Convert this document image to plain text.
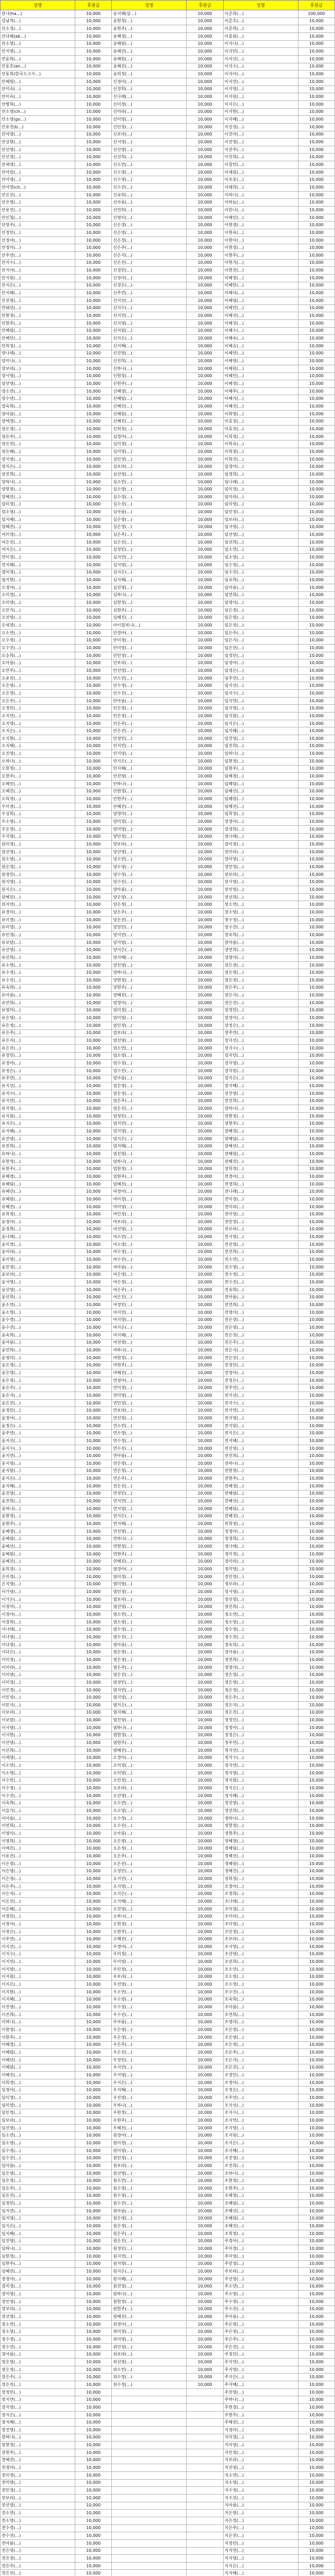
성명	후원금	성명	후원금	성명	후원금
한나(ha…)	10,000	송지혜(삼…)	10,000	이준희(…)	100,000
강남적(…)	10,000	송현정(…)	10,000	이준호(…)	10,000
안소정(…)	10,000	송현주(…)	10,000	이준희(…)	10,000
안다혜(ab…)	10,000	송혜경(…)	10,000	이중원(…)	10,000
안소영(…)	10,000	송혜림(…)	10,000	이지나(…)	10,000
안지영(…)	10,000	송혜선(…)	10,000	이지민(…)	10,000
안윤희(…)	10,000	송혜원(…)	10,000	이지선(…)	10,000
안동호(an…)	10,000	송혜진(…)	10,000	이지수(…)	10,000
안동희(한국소고사…)	10,000	송희정(…)	10,000	이지아(…)	10,000
안혜원(…)	10,000	신경아(…)	10,000	이지연(…)	10,000
안미숙(…)	10,000	신경희(…)	10,000	이지영(…)	10,000
안미숙(…)	10,000	신나래(…)	10,000	이지원(…)	10,000
안병희(…)	10,000	신미경(…)	10,000	이지은(…)	10,000
안소영(ch…)	10,000	신미라(…)	10,000	이지현(…)	10,000
안소영(go…)	10,000	신미영(…)	10,000	이지혜(…)	10,000
안유진(b…)	10,000	신민정(…)	10,000	이진경(…)	10,000
안아영(…)	10,000	신보라(…)	10,000	이진아(…)	10,000
안상현(…)	10,000	신서영(…)	10,000	이진영(…)	10,000
안선영(…)	10,000	신선영(…)	10,000	이진주(…)	10,000
안선정(…)	10,000	신선희(…)	10,000	이진희(…)	10,000
안세영(…)	10,000	신소연(…)	10,000	이창민(…)	10,000
안아랑(…)	10,000	신소영(…)	10,000	이채원(…)	10,000
안아영(…)	10,000	신수정(…)	10,000	이초롱(…)	10,000
안아영(ch…)	10,000	신수진(…)	10,000	이태희(…)	10,000
안은진(…)	10,000	신숙희(…)	10,000	이하나(…)	10,000
안은영(…)	10,000	신아름(…)	10,000	이하늘(…)	10,000
안유진(…)	10,000	신연희(…)	10,000	이한나(…)	10,000
안인철(…)	10,000	신영미(…)	10,000	이해인(…)	10,000
안장주(…)	10,000	신은경(…)	10,000	이현경(…)	10,000
안정민(…)	10,000	신은영(…)	10,000	이현숙(…)	10,000
안정아(…)	10,000	신은정(…)	10,000	이현아(…)	10,000
안정미(…)	10,000	신은주(…)	10,000	이현정(…)	10,000
안주연(…)	10,000	신은지(…)	10,000	이현주(…)	10,000
안지수(…)	10,000	신은진(…)	10,000	이현지(…)	10,000
안지아(…)	10,000	신정민(…)	10,000	이현진(…)	10,000
안지원(…)	10,000	신정아(…)	10,000	이혜경(…)	10,000
안지은(…)	10,000	신정은(…)	10,000	이혜란(…)	10,000
안지혜(…)	10,000	신주연(…)	10,000	이혜리(…)	10,000
안진영(…)	10,000	신지선(…)	10,000	이혜림(…)	10,000
안태선(…)	10,000	신지수(…)	10,000	이혜민(…)	10,000
안현정(…)	10,000	신지연(…)	10,000	이혜선(…)	10,000
안현주(…)	10,000	신지영(…)	10,000	이혜성(…)	10,000
안혜림(…)	10,000	신지원(…)	10,000	이혜수(…)	10,000
안혜인(…)	10,000	신지은(…)	10,000	이혜숙(…)	10,000
안희정(…)	10,000	신지혜(…)	10,000	이혜승(…)	10,000
양나래(…)	10,000	신진영(…)	10,000	이혜연(…)	10,000
양미나(…)	10,000	신진희(…)	10,000	이혜영(…)	10,000
양보라(…)	10,000	신하나(…)	10,000	이혜원(…)	10,000
양서영(…)	10,000	신현정(…)	10,000	이혜인(…)	10,000
양선영(…)	10,000	신현주(…)	10,000	이혜정(…)	10,000
양소연(…)	10,000	신혜경(…)	10,000	이혜주(…)	10,000
양수연(…)	10,000	신혜림(…)	10,000	이혜지(…)	10,000
양숙희(…)	10,000	신혜선(…)	10,000	이혜진(…)	10,000
양아름(…)	10,000	신혜원(…)	10,000	이화영(…)	10,000
양애경(…)	10,000	신혜진(…)	10,000	이효정(…)	10,000
양은정(…)	10,000	신희정(…)	10,000	이효진(…)	10,000
양은주(…)	10,000	심경아(…)	10,000	이희경(…)	10,000
양은진(…)	10,000	심미경(…)	10,000	이희숙(…)	10,000
양은혜(…)	10,000	심미영(…)	10,000	이희정(…)	10,000
양지영(…)	10,000	심민정(…)	10,000	이희진(…)	10,000
양지은(…)	10,000	심보라(…)	10,000	임경아(…)	10,000
양진희(…)	10,000	심선영(…)	10,000	임경희(…)	10,000
양하나(…)	10,000	심소연(…)	10,000	임나래(…)	10,000
양현정(…)	10,000	심소영(…)	10,000	임미경(…)	10,000
양혜진(…)	10,000	심수정(…)	10,000	임미라(…)	10,000
엄미정(…)	10,000	심수진(…)	10,000	임미영(…)	10,000
엄소영(…)	10,000	심아름(…)	10,000	임민정(…)	10,000
엄지혜(…)	10,000	심은영(…)	10,000	임보라(…)	10,000
엄혜진(…)	10,000	심은정(…)	10,000	임서영(…)	10,000
여미경(…)	10,000	심은주(…)	10,000	임선영(…)	10,000
여은진(…)	10,000	심은진(…)	10,000	임선희(…)	10,000
여지은(…)	10,000	심정민(…)	10,000	임소연(…)	10,000
연미정(…)	10,000	심지연(…)	10,000	임소영(…)	10,000
연지혜(…)	10,000	심지영(…)	10,000	임수정(…)	10,000
염미경(…)	10,000	심지은(…)	10,000	임수진(…)	10,000
염지현(…)	10,000	심지혜(…)	10,000	임숙희(…)	10,000
오경아(…)	10,000	심진영(…)	10,000	임아름(…)	10,000
오미경(…)	10,000	심하나(…)	10,000	임연희(…)	10,000
오미영(…)	10,000	심현정(…)	10,000	임영미(…)	10,000
오민지(…)	10,000	심현주(…)	10,000	임은경(…)	10,000
오선영(…)	10,000	심혜진(…)	10,000	임은영(…)	10,000
오세정(…)	10,000	아이컴퍼니(…)	10,000	임은정(…)	10,000
오소연(…)	10,000	안경아(…)	10,000	임은주(…)	10,000
오수정(…)	10,000	안미경(…)	10,000	임은지(…)	10,000
오수진(…)	10,000	안미영(…)	10,000	임은진(…)	10,000
오승희(…)	10,000	안민정(…)	10,000	임정민(…)	10,000
오아름(…)	10,000	안보라(…)	10,000	임정아(…)	10,000
오연주(…)	10,000	안선영(…)	10,000	임정은(…)	10,000
오유진(…)	10,000	안소연(…)	10,000	임주연(…)	10,000
오은영(…)	10,000	안수정(…)	10,000	임지선(…)	10,000
오은정(…)	10,000	안수진(…)	10,000	임지수(…)	10,000
오은주(…)	10,000	안아름(…)	10,000	임지연(…)	10,000
오정민(…)	10,000	안은영(…)	10,000	임지영(…)	10,000
오지연(…)	10,000	안은정(…)	10,000	임지원(…)	10,000
오지영(…)	10,000	안은주(…)	10,000	임지은(…)	10,000
오지은(…)	10,000	안은진(…)	10,000	임지혜(…)	10,000
오지현(…)	10,000	안정민(…)	10,000	임진영(…)	10,000
오지혜(…)	10,000	안지연(…)	10,000	임진희(…)	10,000
오진영(…)	10,000	안지영(…)	10,000	임하나(…)	10,000
오하나(…)	10,000	안지은(…)	10,000	임현정(…)	10,000
오현정(…)	10,000	안지혜(…)	10,000	임현주(…)	10,000
오현주(…)	10,000	안진영(…)	10,000	임혜경(…)	10,000
오혜린(…)	10,000	안하나(…)	10,000	임혜림(…)	10,000
오혜진(…)	10,000	안현정(…)	10,000	임혜선(…)	10,000
오희정(…)	10,000	안현주(…)	10,000	임혜원(…)	10,000
우미경(…)	10,000	안혜진(…)	10,000	임혜진(…)	10,000
우성희(…)	10,000	양경아(…)	10,000	임희정(…)	10,000
우소영(…)	10,000	양미경(…)	10,000	장경아(…)	10,000
우은정(…)	10,000	양미영(…)	10,000	장경희(…)	10,000
우지영(…)	10,000	양민정(…)	10,000	장나래(…)	10,000
원미경(…)	10,000	양보라(…)	10,000	장미경(…)	10,000
원선영(…)	10,000	양선영(…)	10,000	장미라(…)	10,000
원소영(…)	10,000	양소연(…)	10,000	장미영(…)	10,000
원은정(…)	10,000	양소영(…)	10,000	장민정(…)	10,000
원정민(…)	10,000	양수정(…)	10,000	장보라(…)	10,000
원지영(…)	10,000	양수진(…)	10,000	장서영(…)	10,000
원지은(…)	10,000	양아름(…)	10,000	장선영(…)	10,000
원혜진(…)	10,000	양은영(…)	10,000	장선희(…)	10,000
위지연(…)	10,000	양은정(…)	10,000	장소연(…)	10,000
유경미(…)	10,000	양은주(…)	10,000	장소영(…)	10,000
유미경(…)	10,000	양은진(…)	10,000	장수정(…)	10,000
유미영(…)	10,000	양정민(…)	10,000	장수진(…)	10,000
유민정(…)	10,000	양지연(…)	10,000	장숙희(…)	10,000
유보람(…)	10,000	양지영(…)	10,000	장아름(…)	10,000
유선영(…)	10,000	양지은(…)	10,000	장연희(…)	10,000
유선희(…)	10,000	양지혜(…)	10,000	장영미(…)	10,000
유소영(…)	10,000	양진영(…)	10,000	장은경(…)	10,000
유수정(…)	10,000	양하나(…)	10,000	장은영(…)	10,000
유수진(…)	10,000	양현정(…)	10,000	장은정(…)	10,000
유숙희(…)	10,000	양현주(…)	10,000	장은주(…)	10,000
유아름(…)	10,000	양혜진(…)	10,000	장은지(…)	10,000
유연희(…)	10,000	엄경아(…)	10,000	장은진(…)	10,000
유영미(…)	10,000	엄미경(…)	10,000	장정민(…)	10,000
유은영(…)	10,000	엄미영(…)	10,000	장정아(…)	10,000
유은정(…)	10,000	엄민정(…)	10,000	장정은(…)	10,000
유은주(…)	10,000	엄보라(…)	10,000	장주연(…)	10,000
유은지(…)	10,000	엄선영(…)	10,000	장지선(…)	10,000
유은진(…)	10,000	엄소연(…)	10,000	장지수(…)	10,000
유정민(…)	10,000	엄소영(…)	10,000	장지연(…)	10,000
유정아(…)	10,000	엄수정(…)	10,000	장지영(…)	10,000
유정은(…)	10,000	엄수진(…)	10,000	장지원(…)	10,000
유주연(…)	10,000	엄아름(…)	10,000	장지은(…)	10,000
유지선(…)	10,000	엄은영(…)	10,000	장지혜(…)	10,000
유지수(…)	10,000	엄은정(…)	10,000	장진영(…)	10,000
유지연(…)	10,000	엄은주(…)	10,000	장진희(…)	10,000
유지영(…)	10,000	엄은진(…)	10,000	장하나(…)	10,000
유지원(…)	10,000	엄정민(…)	10,000	장현정(…)	10,000
유지은(…)	10,000	엄지연(…)	10,000	장현주(…)	10,000
유지혜(…)	10,000	엄지영(…)	10,000	장혜경(…)	10,000
유진영(…)	10,000	엄지은(…)	10,000	장혜림(…)	10,000
유진희(…)	10,000	엄지혜(…)	10,000	장혜선(…)	10,000
유하나(…)	10,000	엄진영(…)	10,000	장혜원(…)	10,000
유현정(…)	10,000	엄하나(…)	10,000	장혜진(…)	10,000
유현주(…)	10,000	엄현정(…)	10,000	장희정(…)	10,000
유혜경(…)	10,000	엄현주(…)	10,000	전경아(…)	10,000
유혜림(…)	10,000	엄혜진(…)	10,000	전경희(…)	10,000
유혜선(…)	10,000	여경아(…)	10,000	전나래(…)	10,000
유혜원(…)	10,000	여미경(…)	10,000	전미경(…)	10,000
유혜진(…)	10,000	여미영(…)	10,000	전미라(…)	10,000
유희정(…)	10,000	여민정(…)	10,000	전미영(…)	10,000
윤경아(…)	10,000	여보라(…)	10,000	전민정(…)	10,000
윤경희(…)	10,000	여선영(…)	10,000	전보라(…)	10,000
윤나래(…)	10,000	여소연(…)	10,000	전서영(…)	10,000
윤미경(…)	10,000	여소영(…)	10,000	전선영(…)	10,000
윤미라(…)	10,000	여수정(…)	10,000	전선희(…)	10,000
윤미영(…)	10,000	여수진(…)	10,000	전소연(…)	10,000
윤민정(…)	10,000	여아름(…)	10,000	전소영(…)	10,000
윤보라(…)	10,000	여은영(…)	10,000	전수정(…)	10,000
윤서영(…)	10,000	여은정(…)	10,000	전수진(…)	10,000
윤선영(…)	10,000	여은주(…)	10,000	전숙희(…)	10,000
윤선희(…)	10,000	여은진(…)	10,000	전아름(…)	10,000
윤소연(…)	10,000	여정민(…)	10,000	전연희(…)	10,000
윤소영(…)	10,000	여지연(…)	10,000	전영미(…)	10,000
윤수정(…)	10,000	여지영(…)	10,000	전은경(…)	10,000
윤수진(…)	10,000	여지은(…)	10,000	전은영(…)	10,000
윤숙희(…)	10,000	여지혜(…)	10,000	전은정(…)	10,000
윤아름(…)	10,000	여진영(…)	10,000	전은주(…)	10,000
윤연희(…)	10,000	여하나(…)	10,000	전은지(…)	10,000
윤영미(…)	10,000	여현정(…)	10,000	전은진(…)	10,000
윤은경(…)	10,000	여현주(…)	10,000	전정민(…)	10,000
윤은영(…)	10,000	여혜진(…)	10,000	전정아(…)	10,000
윤은정(…)	10,000	연경아(…)	10,000	전정은(…)	10,000
윤은주(…)	10,000	연미경(…)	10,000	전주연(…)	10,000
윤은지(…)	10,000	연미영(…)	10,000	전지선(…)	10,000
윤은진(…)	10,000	연민정(…)	10,000	전지수(…)	10,000
윤정민(…)	10,000	연보라(…)	10,000	전지연(…)	10,000
윤정아(…)	10,000	연선영(…)	10,000	전지영(…)	10,000
윤정은(…)	10,000	연소연(…)	10,000	전지원(…)	10,000
윤주연(…)	10,000	연소영(…)	10,000	전지은(…)	10,000
윤지선(…)	10,000	연수정(…)	10,000	전지혜(…)	10,000
윤지수(…)	10,000	연수진(…)	10,000	전진영(…)	10,000
윤지연(…)	10,000	연아름(…)	10,000	전진희(…)	10,000
윤지영(…)	10,000	연은영(…)	10,000	전하나(…)	10,000
윤지원(…)	10,000	연은정(…)	10,000	전현정(…)	10,000
윤지은(…)	10,000	연은주(…)	10,000	전현주(…)	10,000
윤지혜(…)	10,000	연은진(…)	10,000	전혜경(…)	10,000
윤진영(…)	10,000	연정민(…)	10,000	전혜림(…)	10,000
윤진희(…)	10,000	연지연(…)	10,000	전혜선(…)	10,000
윤하나(…)	10,000	연지영(…)	10,000	전혜원(…)	10,000
윤현정(…)	10,000	연지은(…)	10,000	전혜진(…)	10,000
윤현주(…)	10,000	연지혜(…)	10,000	전희정(…)	10,000
윤혜경(…)	10,000	연진영(…)	10,000	정경아(…)	10,000
윤혜림(…)	10,000	연하나(…)	10,000	정경희(…)	10,000
윤혜선(…)	10,000	연현정(…)	10,000	정나래(…)	10,000
윤혜원(…)	10,000	연현주(…)	10,000	정미경(…)	10,000
윤혜진(…)	10,000	연혜진(…)	10,000	정미라(…)	10,000
윤희정(…)	10,000	염경아(…)	10,000	정미영(…)	10,000
은미경(…)	10,000	염미경(…)	10,000	정민정(…)	10,000
은지영(…)	10,000	염미영(…)	10,000	정보라(…)	10,000
이가영(…)	10,000	염민정(…)	10,000	정서영(…)	10,000
이가은(…)	10,000	염보라(…)	10,000	정선영(…)	10,000
이경미(…)	10,000	염선영(…)	10,000	정선희(…)	10,000
이경아(…)	10,000	염소연(…)	10,000	정소연(…)	10,000
이경희(…)	10,000	염소영(…)	10,000	정소영(…)	10,000
이나래(…)	10,000	염수정(…)	10,000	정수정(…)	10,000
이나영(…)	10,000	염수진(…)	10,000	정수진(…)	10,000
이다영(…)	10,000	염아름(…)	10,000	정숙희(…)	10,000
이다은(…)	10,000	염은영(…)	10,000	정아름(…)	10,000
이미경(…)	10,000	염은정(…)	10,000	정연희(…)	10,000
이미라(…)	10,000	염은주(…)	10,000	정영미(…)	10,000
이미영(…)	10,000	염은진(…)	10,000	정은경(…)	10,000
이미정(…)	10,000	염정민(…)	10,000	정은영(…)	10,000
이민경(…)	10,000	염지연(…)	10,000	정은정(…)	10,000
이민정(…)	10,000	염지영(…)	10,000	정은주(…)	10,000
이민지(…)	10,000	염지은(…)	10,000	정은지(…)	10,000
이보라(…)	10,000	염지혜(…)	10,000	정은진(…)	10,000
이보람(…)	10,000	염진영(…)	10,000	정정민(…)	10,000
이서영(…)	10,000	염하나(…)	10,000	정정아(…)	10,000
이서현(…)	10,000	염현정(…)	10,000	정정은(…)	10,000
이선영(…)	10,000	염현주(…)	10,000	정주연(…)	10,000
이선희(…)	10,000	염혜진(…)	10,000	정지선(…)	10,000
이세영(…)	10,000	오경아(…)	10,000	정지수(…)	10,000
이소연(…)	10,000	오미경(…)	10,000	정지연(…)	10,000
이소영(…)	10,000	오미영(…)	10,000	정지영(…)	10,000
이수민(…)	10,000	오민정(…)	10,000	정지원(…)	10,000
이수정(…)	10,000	오보라(…)	10,000	정지은(…)	10,000
이수진(…)	10,000	오선영(…)	10,000	정지혜(…)	10,000
이숙희(…)	10,000	오소연(…)	10,000	정진영(…)	10,000
이슬기(…)	10,000	오소영(…)	10,000	정진희(…)	10,000
이아름(…)	10,000	오수정(…)	10,000	정하나(…)	10,000
이연희(…)	10,000	오수진(…)	10,000	정현정(…)	10,000
이영미(…)	10,000	오아름(…)	10,000	정현주(…)	10,000
이영희(…)	10,000	오은영(…)	10,000	정혜경(…)	10,000
이예진(…)	10,000	오은정(…)	10,000	정혜림(…)	10,000
이유진(…)	10,000	오은주(…)	10,000	정혜선(…)	10,000
이은경(…)	10,000	오은진(…)	10,000	정혜원(…)	10,000
이은영(…)	10,000	오정민(…)	10,000	정혜진(…)	10,000
이은정(…)	10,000	오지연(…)	10,000	정희정(…)	10,000
이은주(…)	10,000	오지영(…)	10,000	조경아(…)	10,000
이은지(…)	10,000	오지은(…)	10,000	조경희(…)	10,000
이은진(…)	10,000	오지혜(…)	10,000	조나래(…)	10,000
이은혜(…)	10,000	오진영(…)	10,000	조미경(…)	10,000
이정민(…)	10,000	오하나(…)	10,000	조미라(…)	10,000
이정아(…)	10,000	오현정(…)	10,000	조미영(…)	10,000
이정은(…)	10,000	오현주(…)	10,000	조민정(…)	10,000
이주연(…)	10,000	오혜진(…)	10,000	조보라(…)	10,000
이지선(…)	10,000	우경아(…)	10,000	조서영(…)	10,000
이지수(…)	10,000	우미경(…)	10,000	조선영(…)	10,000
이지연(…)	10,000	우미영(…)	10,000	조선희(…)	10,000
이지영(…)	10,000	우민정(…)	10,000	조소연(…)	10,000
이지원(…)	10,000	우보라(…)	10,000	조소영(…)	10,000
이지은(…)	10,000	우선영(…)	10,000	조수정(…)	10,000
이지현(…)	10,000	우소연(…)	10,000	조수진(…)	10,000
이지혜(…)	10,000	우소영(…)	10,000	조숙희(…)	10,000
이진영(…)	10,000	우수정(…)	10,000	조아름(…)	10,000
이진희(…)	10,000	우수진(…)	10,000	조연희(…)	10,000
이하나(…)	10,000	우아름(…)	10,000	조영미(…)	10,000
이현정(…)	10,000	우은영(…)	10,000	조은경(…)	10,000
이현주(…)	10,000	우은정(…)	10,000	조은영(…)	10,000
이혜경(…)	10,000	우은주(…)	10,000	조은정(…)	10,000
이혜림(…)	10,000	우은진(…)	10,000	조은주(…)	10,000
이혜선(…)	10,000	우정민(…)	10,000	조은지(…)	10,000
이혜원(…)	10,000	우지연(…)	10,000	조은진(…)	10,000
이혜진(…)	10,000	우지영(…)	10,000	조정민(…)	10,000
이희정(…)	10,000	우지은(…)	10,000	조정아(…)	10,000
임경아(…)	10,000	우지혜(…)	10,000	조정은(…)	10,000
임미경(…)	10,000	우진영(…)	10,000	조주연(…)	10,000
임미영(…)	10,000	우하나(…)	10,000	조지선(…)	10,000
임민정(…)	10,000	우현정(…)	10,000	조지수(…)	10,000
임보라(…)	10,000	우현주(…)	10,000	조지연(…)	10,000
임선영(…)	10,000	우혜진(…)	10,000	조지영(…)	10,000
임소연(…)	10,000	원경아(…)	10,000	조지원(…)	10,000
임소영(…)	10,000	원미경(…)	10,000	조지은(…)	10,000
임수정(…)	10,000	원미영(…)	10,000	조지혜(…)	10,000
임수진(…)	10,000	원민정(…)	10,000	조진영(…)	10,000
임아름(…)	10,000	원보라(…)	10,000	조진희(…)	10,000
임은영(…)	10,000	원선영(…)	10,000	조하나(…)	10,000
임은정(…)	10,000	원소연(…)	10,000	조현정(…)	10,000
임은주(…)	10,000	원소영(…)	10,000	조현주(…)	10,000
임은진(…)	10,000	원수정(…)	10,000	조혜경(…)	10,000
임정민(…)	10,000	원수진(…)	10,000	조혜림(…)	10,000
임지연(…)	10,000	원아름(…)	10,000	조혜선(…)	10,000
임지영(…)	10,000	원은영(…)	10,000	조혜원(…)	10,000
임지은(…)	10,000	원은정(…)	10,000	조혜진(…)	10,000
임지혜(…)	10,000	원은주(…)	10,000	조희정(…)	10,000
임진영(…)	10,000	원은진(…)	10,000	주경아(…)	10,000
임하나(…)	10,000	원정민(…)	10,000	주미경(…)	10,000
임현정(…)	10,000	원지연(…)	10,000	주미영(…)	10,000
임현주(…)	10,000	원지영(…)	10,000	주민정(…)	10,000
임혜진(…)	10,000	원지은(…)	10,000	주보라(…)	10,000
장경아(…)	10,000	원지혜(…)	10,000	주선영(…)	10,000
장미경(…)	10,000	원진영(…)	10,000	주소연(…)	10,000
장미영(…)	10,000	원하나(…)	10,000	주소영(…)	10,000
장민정(…)	10,000	원현정(…)	10,000	주수정(…)	10,000
장보라(…)	10,000	원현주(…)	10,000	주수진(…)	10,000
장선영(…)	10,000	원혜진(…)	10,000	주아름(…)	10,000
장소연(…)	10,000	위경아(…)	10,000	주은영(…)	10,000
장소영(…)	10,000	위미경(…)	10,000	주은정(…)	10,000
장수정(…)	10,000	위미영(…)	10,000	주은주(…)	10,000
장수진(…)	10,000	위민정(…)	10,000	주은진(…)	10,000
장아름(…)	10,000	위보라(…)	10,000	주정민(…)	10,000
장은영(…)	10,000	위선영(…)	10,000	주지연(…)	10,000
장은정(…)	10,000	위소연(…)	10,000	주지영(…)	10,000
장은주(…)	10,000	위소영(…)	10,000	주지은(…)	10,000
장은진(…)	10,000	위수정(…)	10,000	주지혜(…)	10,000
장정민(…)	10,000			주진영(…)	10,000
장지연(…)	10,000			주하나(…)	10,000
장지영(…)	10,000			주현정(…)	10,000
장지은(…)	10,000			주현주(…)	10,000
장지혜(…)	10,000			주혜진(…)	10,000
장진영(…)	10,000			지경아(…)	10,000
장하나(…)	10,000			지미경(…)	10,000
장현정(…)	10,000			지미영(…)	10,000
장현주(…)	10,000			지민정(…)	10,000
장혜진(…)	10,000			지보라(…)	10,000
전경아(…)	10,000			지선영(…)	10,000
전미경(…)	10,000			지소연(…)	10,000
전미영(…)	10,000			지소영(…)	10,000
전민정(…)	10,000			지수정(…)	10,000
전보라(…)	10,000			지수진(…)	10,000
전선영(…)	10,000			지아름(…)	10,000
전소연(…)	10,000			지은영(…)	10,000
전소영(…)	10,000			지은정(…)	10,000
전수정(…)	10,000			지은주(…)	10,000
전수진(…)	10,000			지은진(…)	10,000
전아름(…)	10,000			지정민(…)	10,000
전은영(…)	10,000			지지연(…)	10,000
전은정(…)	10,000			지지영(…)	10,000
전은주(…)	10,000			지지은(…)	10,000
전은진(…)	10,000			지지혜(…)	10,000
